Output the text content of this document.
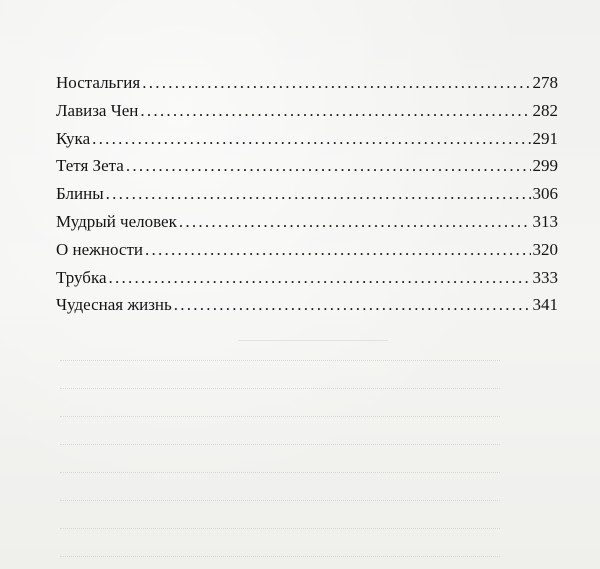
Ностальгия . . .	278
Лавиза Чен . . .	282
Кука . . .	291
Тетя Зета . . .	299
Блины . . .	306
Мудрый человек . . .	313
О нежности . . .	320
Трубка . . .	333
Чудесная жизнь . . .	341
